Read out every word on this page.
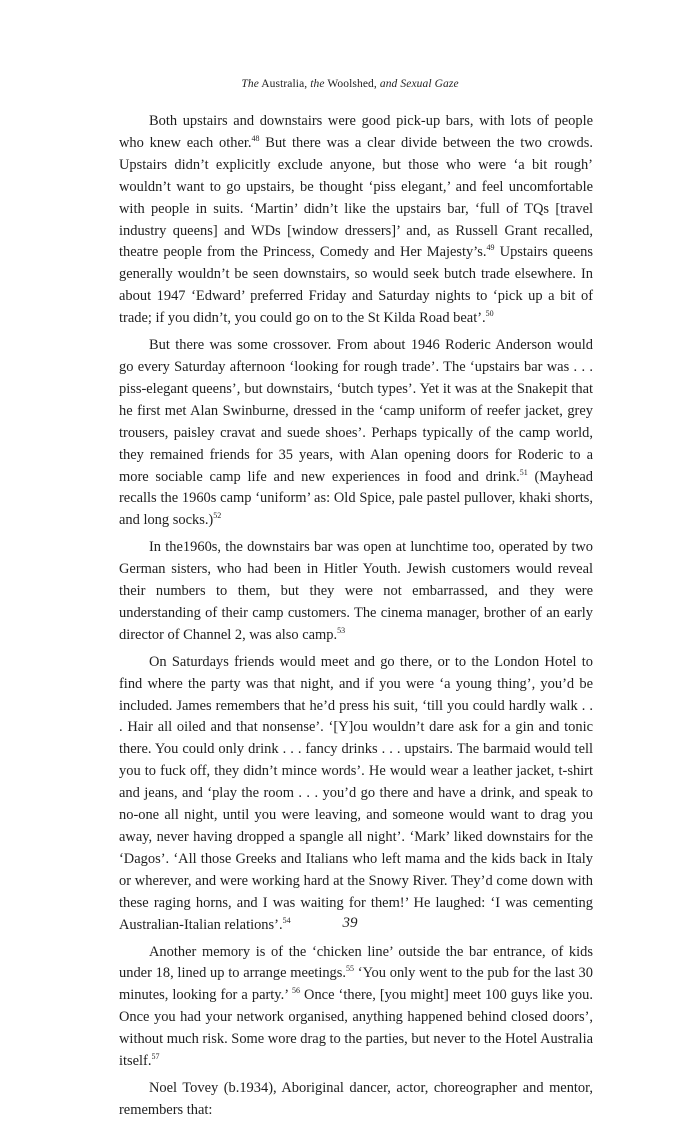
The Australia, the Woolshed, and Sexual Gaze

Both upstairs and downstairs were good pick-up bars, with lots of people who knew each other.$^{48}$ But there was a clear divide between the two crowds. Upstairs didn’t explicitly exclude anyone, but those who were ‘a bit rough’ wouldn’t want to go upstairs, be thought ‘piss elegant,’ and feel uncomfortable with people in suits. ‘Martin’ didn’t like the upstairs bar, ‘full of TQs [travel industry queens] and WDs [window dressers]’ and, as Russell Grant recalled, theatre people from the Princess, Comedy and Her Majesty’s.$^{49}$ Upstairs queens generally wouldn’t be seen downstairs, so would seek butch trade elsewhere. In about 1947 ‘Edward’ preferred Friday and Saturday nights to ‘pick up a bit of trade; if you didn’t, you could go on to the St Kilda Road beat’.$^{50}$

But there was some crossover. From about 1946 Roderic Anderson would go every Saturday afternoon ‘looking for rough trade’. The ‘upstairs bar was . . . piss-elegant queens’, but downstairs, ‘butch types’. Yet it was at the Snakepit that he first met Alan Swinburne, dressed in the ‘camp uniform of reefer jacket, grey trousers, paisley cravat and suede shoes’. Perhaps typically of the camp world, they remained friends for 35 years, with Alan opening doors for Roderic to a more sociable camp life and new experiences in food and drink.$^{51}$ (Mayhead recalls the 1960s camp ‘uniform’ as: Old Spice, pale pastel pullover, khaki shorts, and long socks.)$^{52}$

In the1960s, the downstairs bar was open at lunchtime too, operated by two German sisters, who had been in Hitler Youth. Jewish customers would reveal their numbers to them, but they were not embarrassed, and they were understanding of their camp customers. The cinema manager, brother of an early director of Channel 2, was also camp.$^{53}$

On Saturdays friends would meet and go there, or to the London Hotel to find where the party was that night, and if you were ‘a young thing’, you’d be included. James remembers that he’d press his suit, ‘till you could hardly walk . . . Hair all oiled and that nonsense’. ‘[Y]ou wouldn’t dare ask for a gin and tonic there. You could only drink . . . fancy drinks . . . upstairs. The barmaid would tell you to fuck off, they didn’t mince words’. He would wear a leather jacket, t-shirt and jeans, and ‘play the room . . . you’d go there and have a drink, and speak to no-one all night, until you were leaving, and someone would want to drag you away, never having dropped a spangle all night’. ‘Mark’ liked downstairs for the ‘Dagos’. ‘All those Greeks and Italians who left mama and the kids back in Italy or wherever, and were working hard at the Snowy River. They’d come down with these raging horns, and I was waiting for them!’ He laughed: ‘I was cementing Australian-Italian relations’.$^{54}$

Another memory is of the ‘chicken line’ outside the bar entrance, of kids under 18, lined up to arrange meetings.$^{55}$ ‘You only went to the pub for the last 30 minutes, looking for a party.’ $^{56}$ Once ‘there, [you might] meet 100 guys like you. Once you had your network organised, anything happened behind closed doors’, without much risk. Some wore drag to the parties, but never to the Hotel Australia itself.$^{57}$

Noel Tovey (b.1934), Aboriginal dancer, actor, choreographer and mentor, remembers that:

39
